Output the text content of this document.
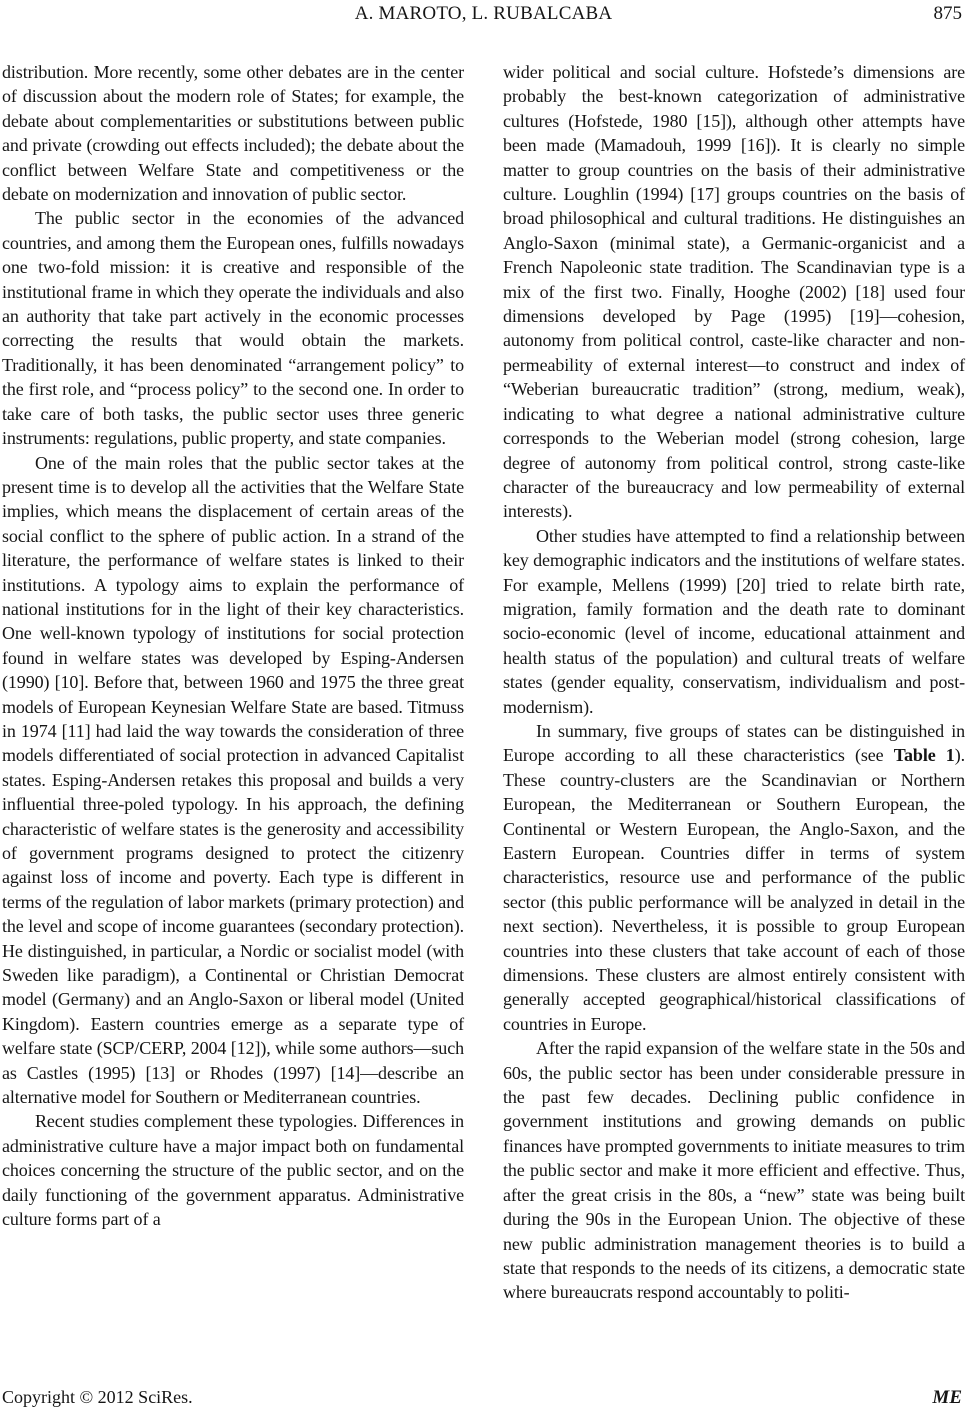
A. MAROTO, L. RUBALCABA	875

distribution. More recently, some other debates are in the center of discussion about the modern role of States; for example, the debate about complementarities or substitutions between public and private (crowding out effects included); the debate about the conflict between Welfare State and competitiveness or the debate on modernization and innovation of public sector.

The public sector in the economies of the advanced countries, and among them the European ones, fulfills nowadays one two-fold mission: it is creative and responsible of the institutional frame in which they operate the individuals and also an authority that take part actively in the economic processes correcting the results that would obtain the markets. Traditionally, it has been denominated “arrangement policy” to the first role, and “process policy” to the second one. In order to take care of both tasks, the public sector uses three generic instruments: regulations, public property, and state companies.

One of the main roles that the public sector takes at the present time is to develop all the activities that the Welfare State implies, which means the displacement of certain areas of the social conflict to the sphere of public action. In a strand of the literature, the performance of welfare states is linked to their institutions. A typology aims to explain the performance of national institutions for in the light of their key characteristics. One well-known typology of institutions for social protection found in welfare states was developed by Esping-Andersen (1990) [10]. Before that, between 1960 and 1975 the three great models of European Keynesian Welfare State are based. Titmuss in 1974 [11] had laid the way towards the consideration of three models differentiated of social protection in advanced Capitalist states. Esping-Andersen retakes this proposal and builds a very influential three-poled typology. In his approach, the defining characteristic of welfare states is the generosity and accessibility of government programs designed to protect the citizenry against loss of income and poverty. Each type is different in terms of the regulation of labor markets (primary protection) and the level and scope of income guarantees (secondary protection). He distinguished, in particular, a Nordic or socialist model (with Sweden like paradigm), a Continental or Christian Democrat model (Germany) and an Anglo-Saxon or liberal model (United Kingdom). Eastern countries emerge as a separate type of welfare state (SCP/CERP, 2004 [12]), while some authors—such as Castles (1995) [13] or Rhodes (1997) [14]—describe an alternative model for Southern or Mediterranean countries.

Recent studies complement these typologies. Differences in administrative culture have a major impact both on fundamental choices concerning the structure of the public sector, and on the daily functioning of the government apparatus. Administrative culture forms part of a

wider political and social culture. Hofstede’s dimensions are probably the best-known categorization of administrative cultures (Hofstede, 1980 [15]), although other attempts have been made (Mamadouh, 1999 [16]). It is clearly no simple matter to group countries on the basis of their administrative culture. Loughlin (1994) [17] groups countries on the basis of broad philosophical and cultural traditions. He distinguishes an Anglo-Saxon (minimal state), a Germanic-organicist and a French Napoleonic state tradition. The Scandinavian type is a mix of the first two. Finally, Hooghe (2002) [18] used four dimensions developed by Page (1995) [19]—cohesion, autonomy from political control, caste-like character and non-permeability of external interest—to construct and index of “Weberian bureaucratic tradition” (strong, medium, weak), indicating to what degree a national administrative culture corresponds to the Weberian model (strong cohesion, large degree of autonomy from political control, strong caste-like character of the bureaucracy and low permeability of external interests).

Other studies have attempted to find a relationship between key demographic indicators and the institutions of welfare states. For example, Mellens (1999) [20] tried to relate birth rate, migration, family formation and the death rate to dominant socio-economic (level of income, educational attainment and health status of the population) and cultural treats of welfare states (gender equality, conservatism, individualism and post-modernism).

In summary, five groups of states can be distinguished in Europe according to all these characteristics (see Table 1). These country-clusters are the Scandinavian or Northern European, the Mediterranean or Southern European, the Continental or Western European, the Anglo-Saxon, and the Eastern European. Countries differ in terms of system characteristics, resource use and performance of the public sector (this public performance will be analyzed in detail in the next section). Nevertheless, it is possible to group European countries into these clusters that take account of each of those dimensions. These clusters are almost entirely consistent with generally accepted geographical/historical classifications of countries in Europe.

After the rapid expansion of the welfare state in the 50s and 60s, the public sector has been under considerable pressure in the past few decades. Declining public confidence in government institutions and growing demands on public finances have prompted governments to initiate measures to trim the public sector and make it more efficient and effective. Thus, after the great crisis in the 80s, a “new” state was being built during the 90s in the European Union. The objective of these new public administration management theories is to build a state that responds to the needs of its citizens, a democratic state where bureaucrats respond accountably to politi-

Copyright © 2012 SciRes.	ME
